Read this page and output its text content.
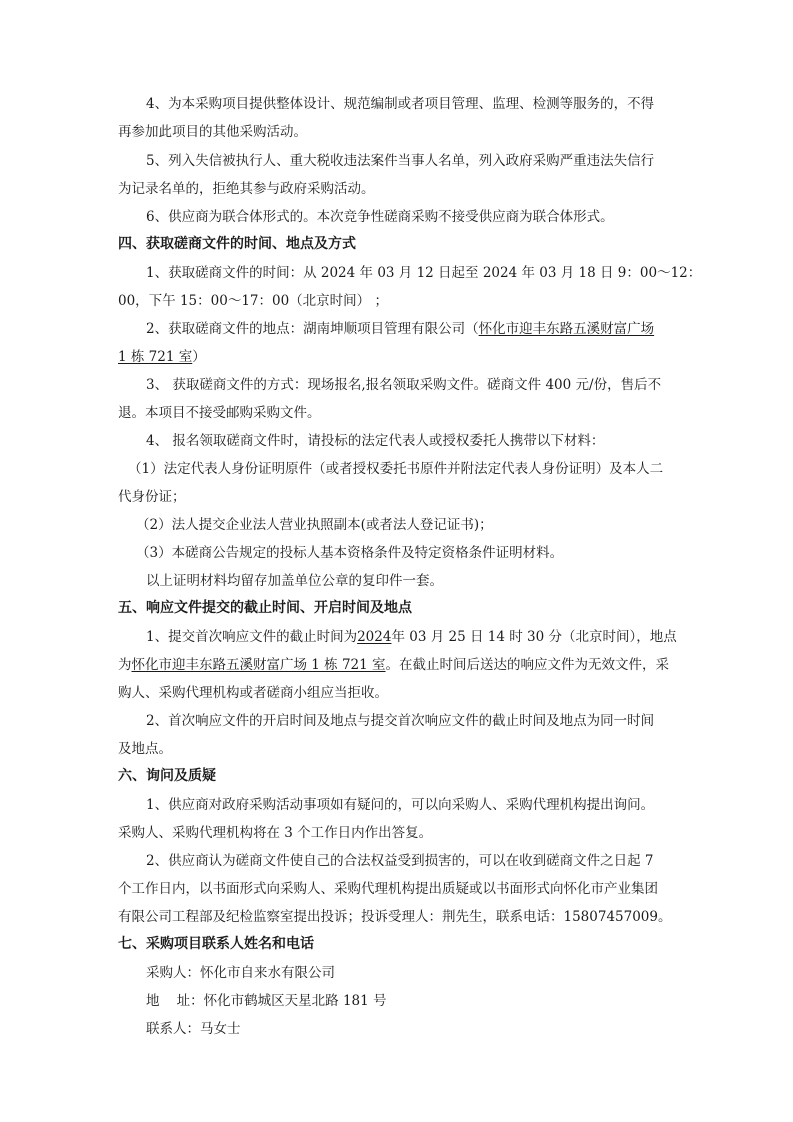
4、为本采购项目提供整体设计、规范编制或者项目管理、监理、检测等服务的，不得
再参加此项目的其他采购活动。
5、列入失信被执行人、重大税收违法案件当事人名单，列入政府采购严重违法失信行
为记录名单的，拒绝其参与政府采购活动。
6、供应商为联合体形式的。本次竞争性磋商采购不接受供应商为联合体形式。
四、获取磋商文件的时间、地点及方式
1、获取磋商文件的时间：从 2024 年 03 月 12 日起至 2024 年 03 月 18 日 9：00～12：
00，下午 15：00～17：00（北京时间） ；
2、获取磋商文件的地点：湖南坤顺项目管理有限公司（怀化市迎丰东路五溪财富广场
1 栋 721 室）
3、 获取磋商文件的方式：现场报名,报名领取采购文件。磋商文件 400 元/份，售后不
退。本项目不接受邮购采购文件。
4、 报名领取磋商文件时，请投标的法定代表人或授权委托人携带以下材料：
（1）法定代表人身份证明原件（或者授权委托书原件并附法定代表人身份证明）及本人二
代身份证；
（2）法人提交企业法人营业执照副本(或者法人登记证书)；
（3）本磋商公告规定的投标人基本资格条件及特定资格条件证明材料。
以上证明材料均留存加盖单位公章的复印件一套。
五、响应文件提交的截止时间、开启时间及地点
1、提交首次响应文件的截止时间为2024年 03 月 25 日 14 时 30 分（北京时间），地点
为怀化市迎丰东路五溪财富广场 1 栋 721 室。在截止时间后送达的响应文件为无效文件，采
购人、采购代理机构或者磋商小组应当拒收。
2、首次响应文件的开启时间及地点与提交首次响应文件的截止时间及地点为同一时间
及地点。
六、询问及质疑
1、供应商对政府采购活动事项如有疑问的，可以向采购人、采购代理机构提出询问。
采购人、采购代理机构将在 3 个工作日内作出答复。
2、供应商认为磋商文件使自己的合法权益受到损害的，可以在收到磋商文件之日起 7
个工作日内，以书面形式向采购人、采购代理机构提出质疑或以书面形式向怀化市产业集团
有限公司工程部及纪检监察室提出投诉；投诉受理人：荆先生，联系电话：15807457009。
七、采购项目联系人姓名和电话
采购人：怀化市自来水有限公司
地    址：怀化市鹤城区天星北路 181 号
联系人：马女士
